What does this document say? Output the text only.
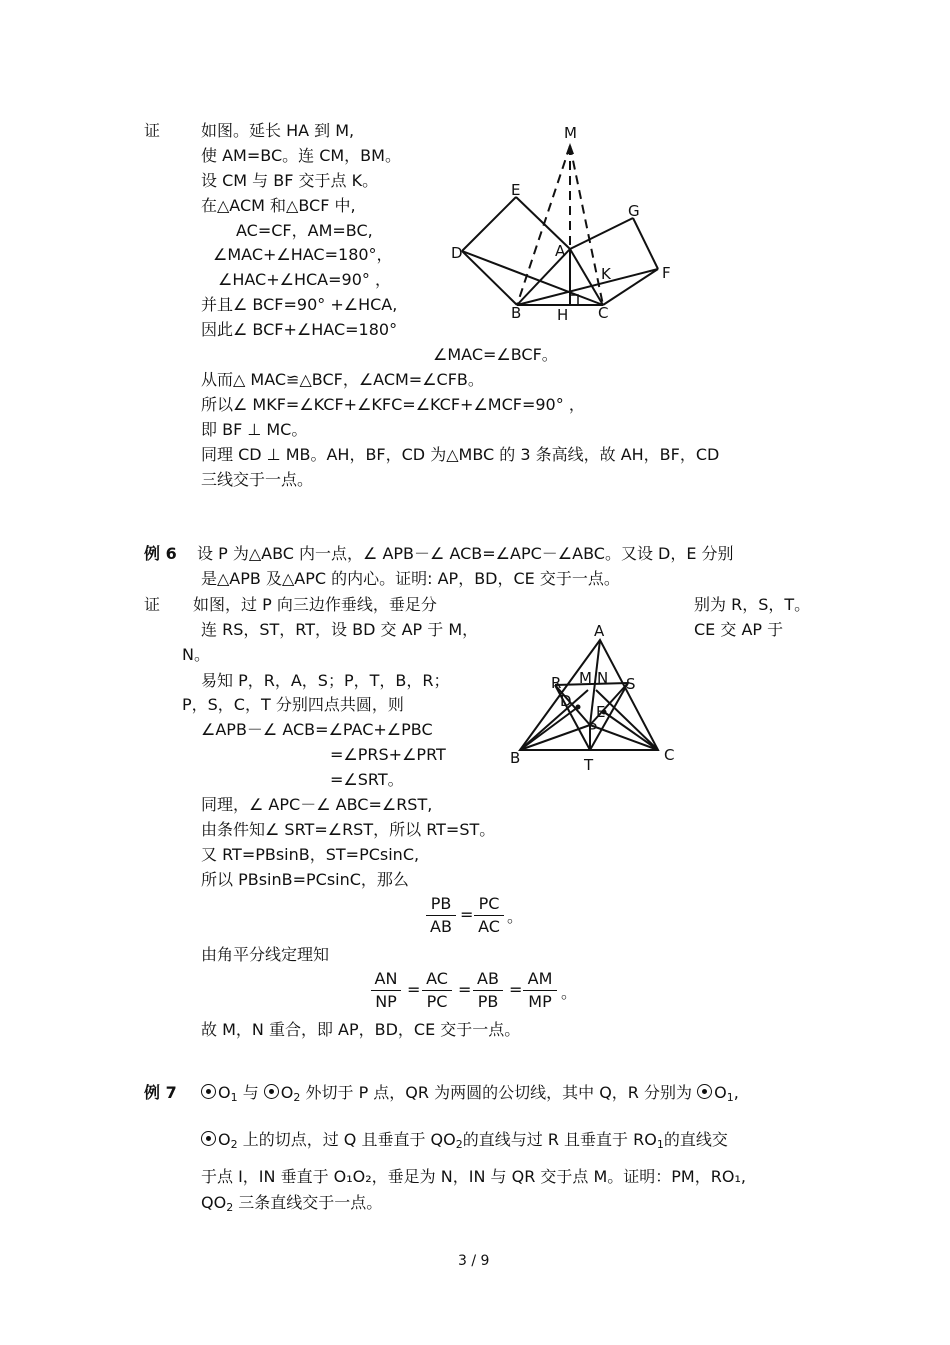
证	如图。延长 HA 到 M,
使 AM=BC。连 CM，BM。
设 CM 与 BF 交于点 K。
在△ACM 和△BCF 中,
AC=CF，AM=BC,
∠MAC+∠HAC=180°，
∠HAC+∠HCA=90° ，
并且∠ BCF=90° +∠HCA,
因此∠ BCF+∠HAC=180°
∠MAC=∠BCF。
从而△ MAC≌△BCF，∠ACM=∠CFB。
所以∠ MKF=∠KCF+∠KFC=∠KCF+∠MCF=90° ，
即 BF ⊥ MC。
同理 CD ⊥ MB。AH，BF，CD 为△MBC 的 3 条高线，故 AH，BF，CD
三线交于一点。
M
E
G
D	A
K	F
B H C
例 6 设 P 为△ABC 内一点，∠ APB－∠ ACB=∠APC－∠ABC。又设 D，E 分别
是△APB 及△APC 的内心。证明: AP，BD，CE 交于一点。
证 如图，过 P 向三边作垂线，垂足分	别为 R，S，T。
连 RS，ST，RT，设 BD 交 AP 于 M，	CE 交 AP 于
N。
易知 P，R，A，S；P，T，B，R；
P，S，C，T 分别四点共圆，则
∠APB－∠ ACB=∠PAC+∠PBC
=∠PRS+∠PRT
=∠SRT。
同理，∠ APC－∠ ABC=∠RST,
由条件知∠ SRT=∠RST，所以 RT=ST。
又 RT=PBsinB，ST=PCsinC,
所以 PBsinB=PCsinC，那么
$\frac{PB}{AB} = \frac{PC}{AC}$ 。
由角平分线定理知
$\frac{AN}{NP} = \frac{AC}{PC} = \frac{AB}{PB} = \frac{AM}{MP}$ 。
故 M，N 重合，即 AP，BD，CE 交于一点。
A
R M N S
D
E
P
B	C
T
例 7	$O_1$ 与 $O_2$ 外切于 P 点，QR 为两圆的公切线，其中 Q，R 分别为 $O_1$,
$O_2$ 上的切点，过 Q 且垂直于 $QO_2$的直线与过 R 且垂直于 $RO_1$的直线交
于点 I，IN 垂直于 O₁O₂，垂足为 N，IN 与 QR 交于点 M。证明：PM，RO₁,
$QO_2$ 三条直线交于一点。
3 / 9
